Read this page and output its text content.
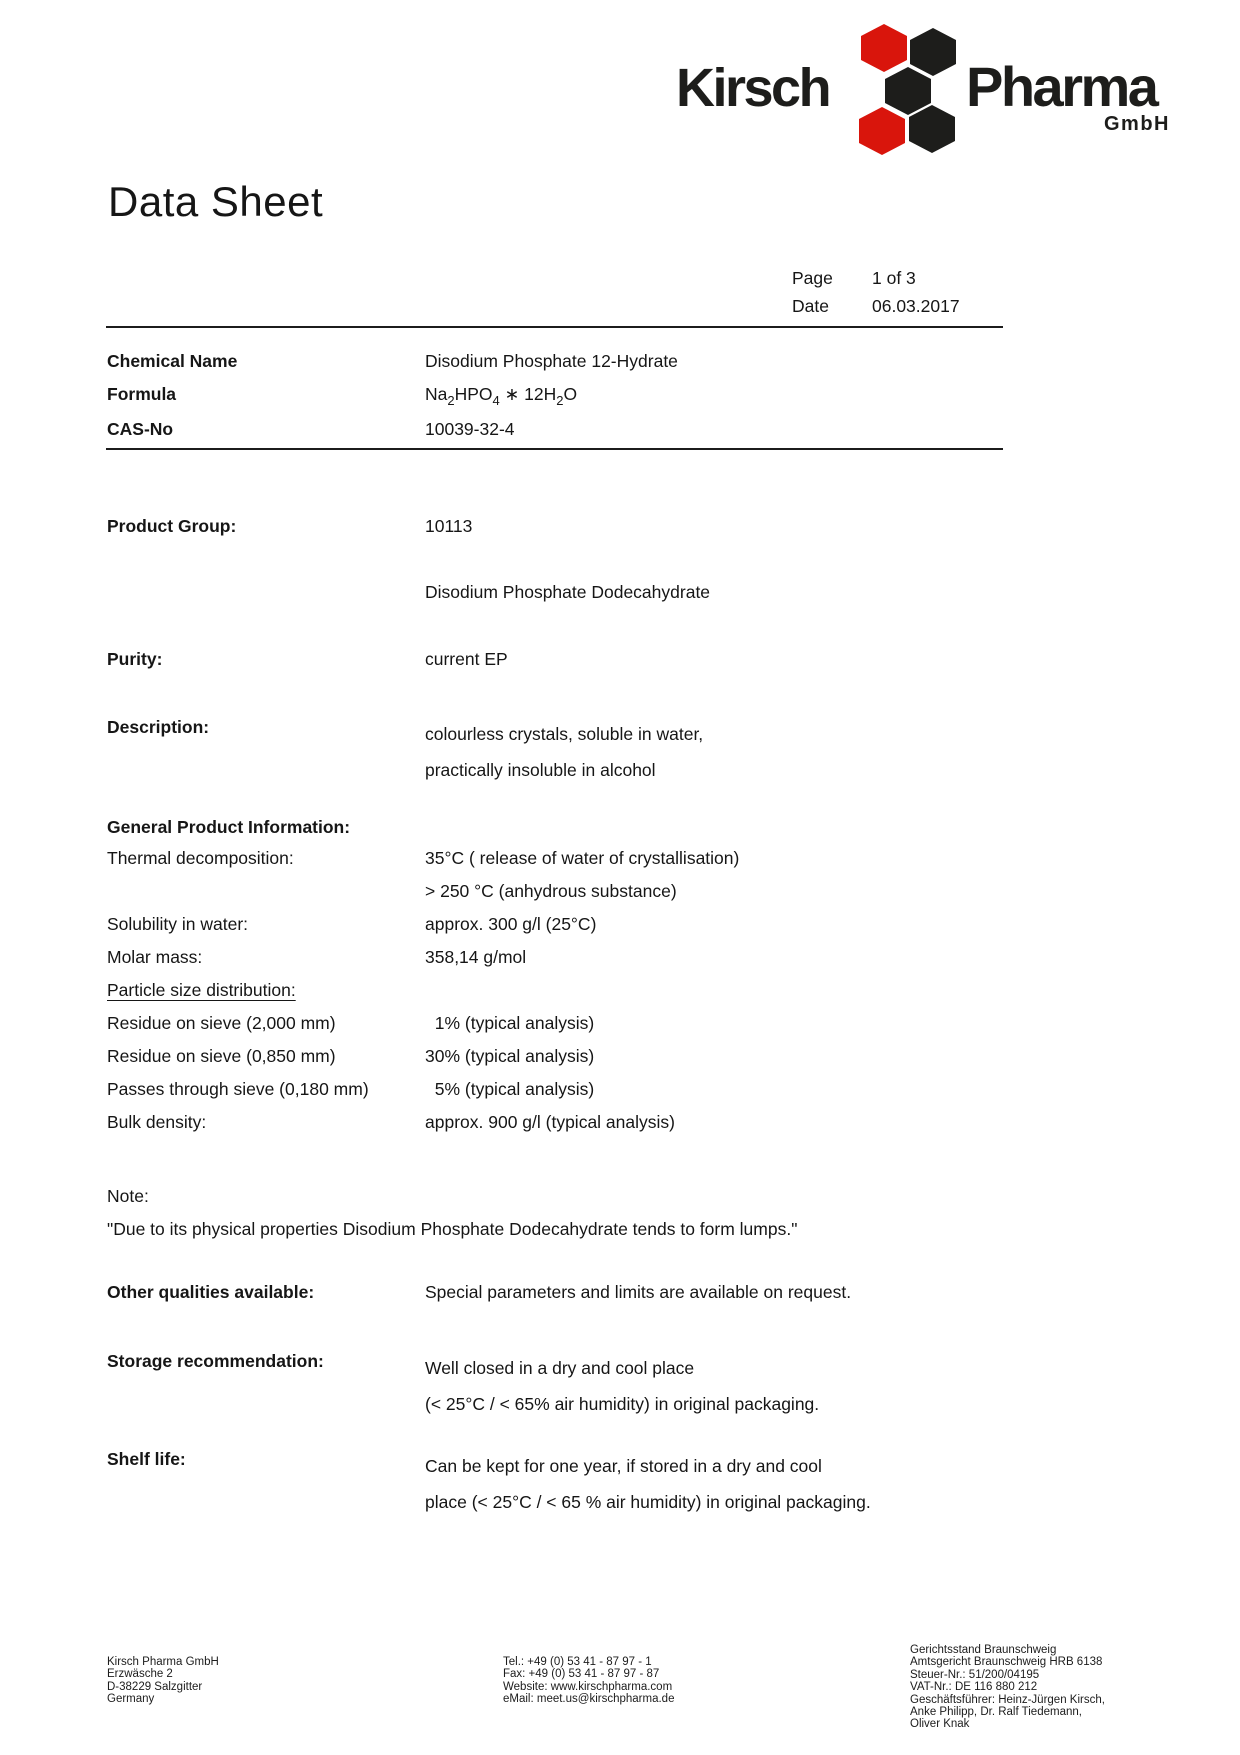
Kirsch Pharma
GmbH
Data Sheet
Page	1 of 3
Date	06.03.2017
Chemical Name	Disodium Phosphate 12-Hydrate
Formula	$Na_2HPO_4$ ∗ $12H_2O$
CAS-No	10039-32-4
Product Group:	10113
Disodium Phosphate Dodecahydrate
Purity:	current EP
Description:	colourless crystals, soluble in water,
practically insoluble in alcohol
General Product Information:
Thermal decomposition:	35°C ( release of water of crystallisation)
> 250 °C (anhydrous substance)
Solubility in water:	approx. 300 g/l (25°C)
Molar mass:	358,14 g/mol
Particle size distribution:
Residue on sieve (2,000 mm)	1% (typical analysis)
Residue on sieve (0,850 mm)	30% (typical analysis)
Passes through sieve (0,180 mm)	5% (typical analysis)
Bulk density:	approx. 900 g/l (typical analysis)
Note:
"Due to its physical properties Disodium Phosphate Dodecahydrate tends to form lumps."
Other qualities available:	Special parameters and limits are available on request.
Storage recommendation:	Well closed in a dry and cool place
(< 25°C / < 65% air humidity) in original packaging.
Shelf life:	Can be kept for one year, if stored in a dry and cool
place (< 25°C / < 65 % air humidity) in original packaging.
Kirsch Pharma GmbH
Erzwäsche 2
D-38229 Salzgitter
Germany
Tel.: +49 (0) 53 41 - 87 97 - 1
Fax: +49 (0) 53 41 - 87 97 - 87
Website: www.kirschpharma.com
eMail: meet.us@kirschpharma.de
Gerichtsstand Braunschweig
Amtsgericht Braunschweig HRB 6138
Steuer-Nr.: 51/200/04195
VAT-Nr.: DE 116 880 212
Geschäftsführer: Heinz-Jürgen Kirsch,
Anke Philipp, Dr. Ralf Tiedemann,
Oliver Knak
